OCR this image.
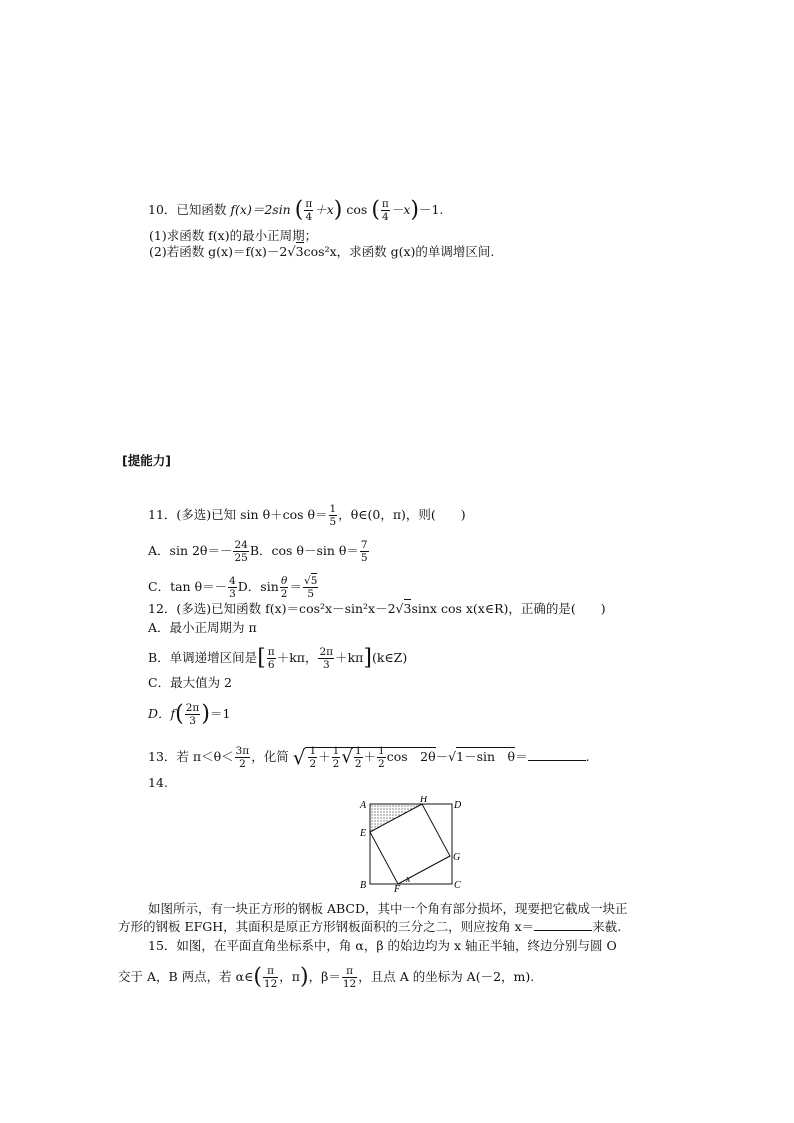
10．已知函数 f(x)＝2sin ( $\frac{\pi}{4} +x$) cos ( $\frac{\pi}{4} -x)-1$.
(1)求函数 f(x)的最小正周期；
(2)若函数 g(x)＝f(x)－2√3cos²x，求函数 g(x)的单调增区间.
[提能力]
11．(多选)已知 sin θ＋cos $\theta= \frac{1}{5}$ ，θ∈(0，π)，则(　　)
A．$\sin 2\theta=- \frac{24}{25}$ B．cos θ－sin $\theta= \frac{7}{5}$
C．$\tan \theta=- \frac{4}{3}$ D．$\sin \frac{\theta}{2} = \frac{√5}{5}$
12．(多选)已知函数 f(x)＝cos²x－sin²x－2√3sinx cos x(x∈R)，正确的是(　　)
A．最小正周期为 π
B．单调递增区间是[ $\frac{\pi}{6} +k\pi$， $\frac{2\pi}{3}$ ＋kπ](k∈Z)
C．最大值为 2
D．$f( \frac{2\pi}{3} )=1$
13．若 $\pi<\theta< \frac{3\pi}{2}$ ，化简 √ $\frac{1}{2} + \frac{1}{2}$ √ $\frac{1}{2} + \frac{1}{2}$ cos　2θ－√1－sin　θ＝	.
14.
A
H
D
E
G
B	F	C
x
如图所示，有一块正方形的钢板 ABCD，其中一个角有部分损坏，现要把它截成一块正
方形的钢板 EFGH，其面积是原正方形钢板面积的三分之二，则应按角 x＝	来截.
15．如图，在平面直角坐标系中，角 α，β 的始边均为 x 轴正半轴，终边分别与圆 O
交于 A，B 两点，若 α∈( $\frac{\pi}{12}$ ，π)，$\beta= \frac{\pi}{12}$ ，且点 A 的坐标为 A(－2，m).
